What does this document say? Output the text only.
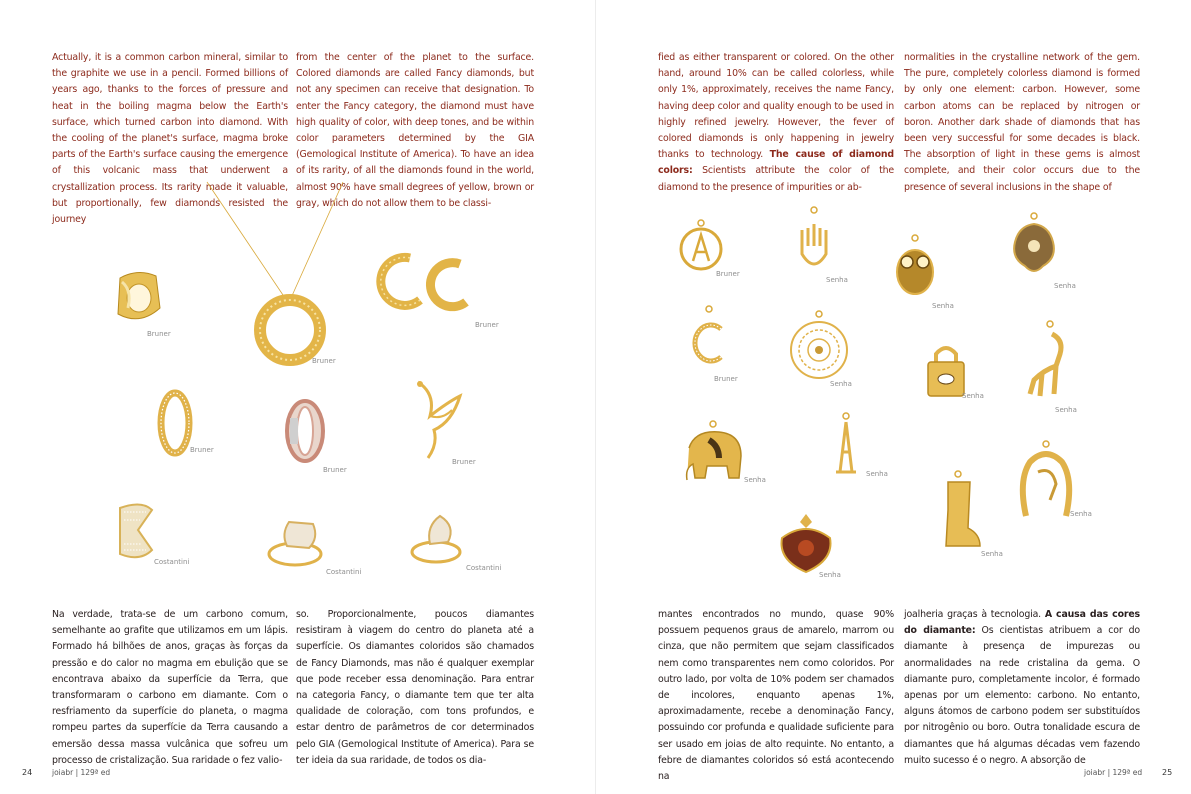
Actually, it is a common carbon mineral, similar to the graphite we use in a pencil. Formed billions of years ago, thanks to the forces of pressure and heat in the boiling magma below the Earth's surface, which turned carbon into diamond. With the cooling of the planet's surface, magma broke parts of the Earth's surface causing the emergence of this volcanic mass that underwent a crystallization process. Its rarity made it valuable, but proportionally, few diamonds resisted the journey
from the center of the planet to the surface. Colored diamonds are called Fancy diamonds, but not any specimen can receive that designation. To enter the Fancy category, the diamond must have high quality of color, with deep tones, and be within color parameters determined by the GIA (Gemological Institute of America). To have an idea of its rarity, of all the diamonds found in the world, almost 90% have small degrees of yellow, brown or gray, which do not allow them to be classi-
Bruner
Bruner
Bruner
Bruner
Bruner
Bruner
Costantini
Costantini	Costantini
Na verdade, trata-se de um carbono comum, semelhante ao grafite que utilizamos em um lápis. Formado há bilhões de anos, graças às forças da pressão e do calor no magma em ebulição que se encontrava abaixo da superfície da Terra, que transformaram o carbono em diamante. Com o resfriamento da superfície do planeta, o magma rompeu partes da superfície da Terra causando a emersão dessa massa vulcânica que sofreu um processo de cristalização. Sua raridade o fez valio-
so. Proporcionalmente, poucos diamantes resistiram à viagem do centro do planeta até a superfície. Os diamantes coloridos são chamados de Fancy Diamonds, mas não é qualquer exemplar que pode receber essa denominação. Para entrar na categoria Fancy, o diamante tem que ter alta qualidade de coloração, com tons profundos, e estar dentro de parâmetros de cor determinados pelo GIA (Gemological Institute of America). Para se ter ideia da sua raridade, de todos os dia-
24	joiabr | 129ª ed
fied as either transparent or colored. On the other hand, around 10% can be called colorless, while only 1%, approximately, receives the name Fancy, having deep color and quality enough to be used in highly refined jewelry. However, the fever of colored diamonds is only happening in jewelry thanks to technology. The cause of diamond colors: Scientists attribute the color of the diamond to the presence of impurities or ab-
normalities in the crystalline network of the gem. The pure, completely colorless diamond is formed by only one element: carbon. However, some carbon atoms can be replaced by nitrogen or boron. Another dark shade of diamonds that has been very successful for some decades is black. The absorption of light in these gems is almost complete, and their color occurs due to the presence of several inclusions in the shape of
Bruner
Senha
Senha
Senha
Bruner
Senha
Senha
Senha
Senha
Senha
Senha
Senha
Senha
mantes encontrados no mundo, quase 90% possuem pequenos graus de amarelo, marrom ou cinza, que não permitem que sejam classificados nem como transparentes nem como coloridos. Por outro lado, por volta de 10% podem ser chamados de incolores, enquanto apenas 1%, aproximadamente, recebe a denominação Fancy, possuindo cor profunda e qualidade suficiente para ser usado em joias de alto requinte. No entanto, a febre de diamantes coloridos só está acontecendo na
joalheria graças à tecnologia. A causa das cores do diamante: Os cientistas atribuem a cor do diamante à presença de impurezas ou anormalidades na rede cristalina da gema. O diamante puro, completamente incolor, é formado apenas por um elemento: carbono. No entanto, alguns átomos de carbono podem ser substituídos por nitrogênio ou boro. Outra tonalidade escura de diamantes que há algumas décadas vem fazendo muito sucesso é o negro. A absorção de
joiabr | 129ª ed 25
